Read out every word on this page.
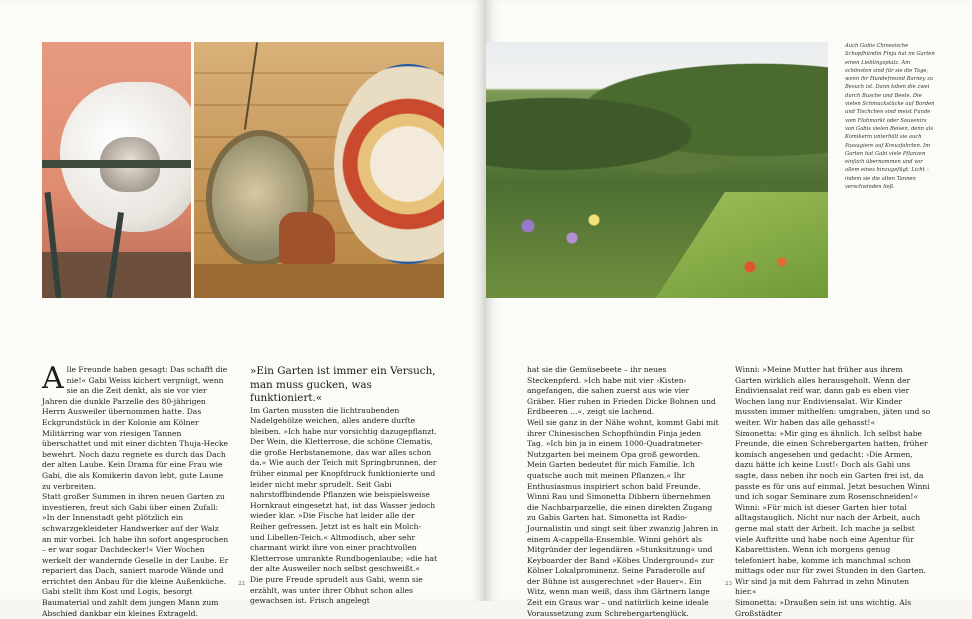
Alle Freunde haben gesagt: Das schafft die nie!« Gabi Weiss kichert vergnügt, wenn sie an die Zeit denkt, als sie vor vier Jahren die dunkle Parzelle des 80-jährigen Herrn Ausweiler übernommen hatte. Das Eckgrundstück in der Kolonie am Kölner Militärring war von riesigen Tannen überschattet und mit einer dichten Thuja-Hecke bewehrt. Noch dazu regnete es durch das Dach der alten Laube. Kein Drama für eine Frau wie Gabi, die als Komikerin davon lebt, gute Laune zu verbreiten.

Statt großer Summen in ihren neuen Garten zu investieren, freut sich Gabi über einen Zufall: »In der Innenstadt geht plötzlich ein schwarzgekleideter Handwerker auf der Walz an mir vorbei. Ich habe ihn sofort angesprochen – er war sogar Dachdecker!« Vier Wochen werkelt der wandernde Geselle in der Laube. Er repariert das Dach, saniert marode Wände und errichtet den Anbau für die kleine Außenküche. Gabi stellt ihm Kost und Logis, besorgt Baumaterial und zahlt dem jungen Mann zum Abschied dankbar ein kleines Extrageld.

»Ein Garten ist immer ein Versuch, man muss gucken, was funktioniert.«

Im Garten mussten die lichtraubenden Nadelgehölze weichen, alles andere durfte bleiben. »Ich habe nur vorsichtig dazugepflanzt. Der Wein, die Kletterrose, die schöne Clematis, die große Herbstanemone, das war alles schon da.« Wie auch der Teich mit Springbrunnen, der früher einmal per Knopfdruck funktionierte und leider nicht mehr sprudelt. Seit Gabi nahrstoffbindende Pflanzen wie beispielsweise Hornkraut eingesetzt hat, ist das Wasser jedoch wieder klar. »Die Fische hat leider alle der Reiher gefressen. Jetzt ist es halt ein Molch- und Libellen-Teich.« Altmodisch, aber sehr charmant wirkt ihre von einer prachtvollen Kletterrose umrankte Rundbogenlaube; »die hat der alte Ausweiler noch selbst geschweißt.«

Die pure Freude sprudelt aus Gabi, wenn sie erzählt, was unter ihrer Obhut schon alles gewachsen ist. Frisch angelegt

22

Auch Gabis Chinesische Schopfhündin Finja hat im Garten einen Lieblingsplatz. Am schönsten sind für sie die Tage, wenn ihr Hundefreund Barney zu Besuch ist. Dann toben die zwei durch Busche und Beete. Die vielen Schmuckstücke auf Borden und Tischchen sind meist Funde vom Flohmarkt oder Souvenirs von Gabis vielen Reisen, denn als Komikerin unterhält sie auch Passagiere auf Kreuzfahrten. Im Garten hat Gabi viele Pflanzen einfach übernommen und vor allem eines hinzugefügt: Licht – indem sie die alten Tannen verschwinden ließ.

hat sie die Gemüsebeete – ihr neues Steckenpferd. »Ich habe mit vier ›Kisten‹ angefangen, die sahen zuerst aus wie vier Gräber. Hier ruhen in Frieden Dicke Bohnen und Erdbeeren ...«, zeigt sie lachend.

Weil sie ganz in der Nähe wohnt, kommt Gabi mit ihrer Chinesischen Schopfhündin Finja jeden Tag. »Ich bin ja in einem 1000-Quadratmeter-Nutzgarten bei meinem Opa groß geworden. Mein Garten bedeutet für mich Familie. Ich quatsche auch mit meinen Pflanzen.« Ihr Enthusiasmus inspiriert schon bald Freunde. Winni Rau und Simonetta Dibbern übernehmen die Nachbarparzelle, die einen direkten Zugang zu Gabis Garten hat. Simonetta ist Radio-Journalistin und singt seit über zwanzig Jahren in einem A-cappella-Ensemble. Winni gehört als Mitgründer der legendären »Stunksitzung« und Keyboarder der Band »Köbes Underground« zur Kölner Lokalprominenz. Seine Paraderolle auf der Bühne ist ausgerechnet »der Bauer«. Ein Witz, wenn man weiß, dass ihm Gärtnern lange Zeit ein Graus war – und natürlich keine ideale Voraussetzung zum Schrebergartenglück.

Winni: »Meine Mutter hat früher aus ihrem Garten wirklich alles herausgeholt. Wenn der Endiviensalat reif war, dann gab es eben vier Wochen lang nur Endiviensalat. Wir Kinder mussten immer mithelfen: umgraben, jäten und so weiter. Wir haben das alle gehasst!«

Simonetta: »Mir ging es ähnlich. Ich selbst habe Freunde, die einen Schrebergarten hatten, früher komisch angesehen und gedacht: ›Die Armen, dazu hätte ich keine Lust!‹ Doch als Gabi uns sagte, dass neben ihr noch ein Garten frei ist, da passte es für uns auf einmal. Jetzt besuchen Winni und ich sogar Seminare zum Rosenschneiden!«

Winni: »Für mich ist dieser Garten hier total alltagstauglich. Nicht nur nach der Arbeit, auch gerne mal statt der Arbeit. Ich mache ja selbst viele Auftritte und habe noch eine Agentur für Kabarettisten. Wenn ich morgens genug telefoniert habe, komme ich manchmal schon mittags oder nur für zwei Stunden in den Garten. Wir sind ja mit dem Fahrrad in zehn Minuten hier.«

Simonetta: »Draußen sein ist uns wichtig. Als Großstädter

23
